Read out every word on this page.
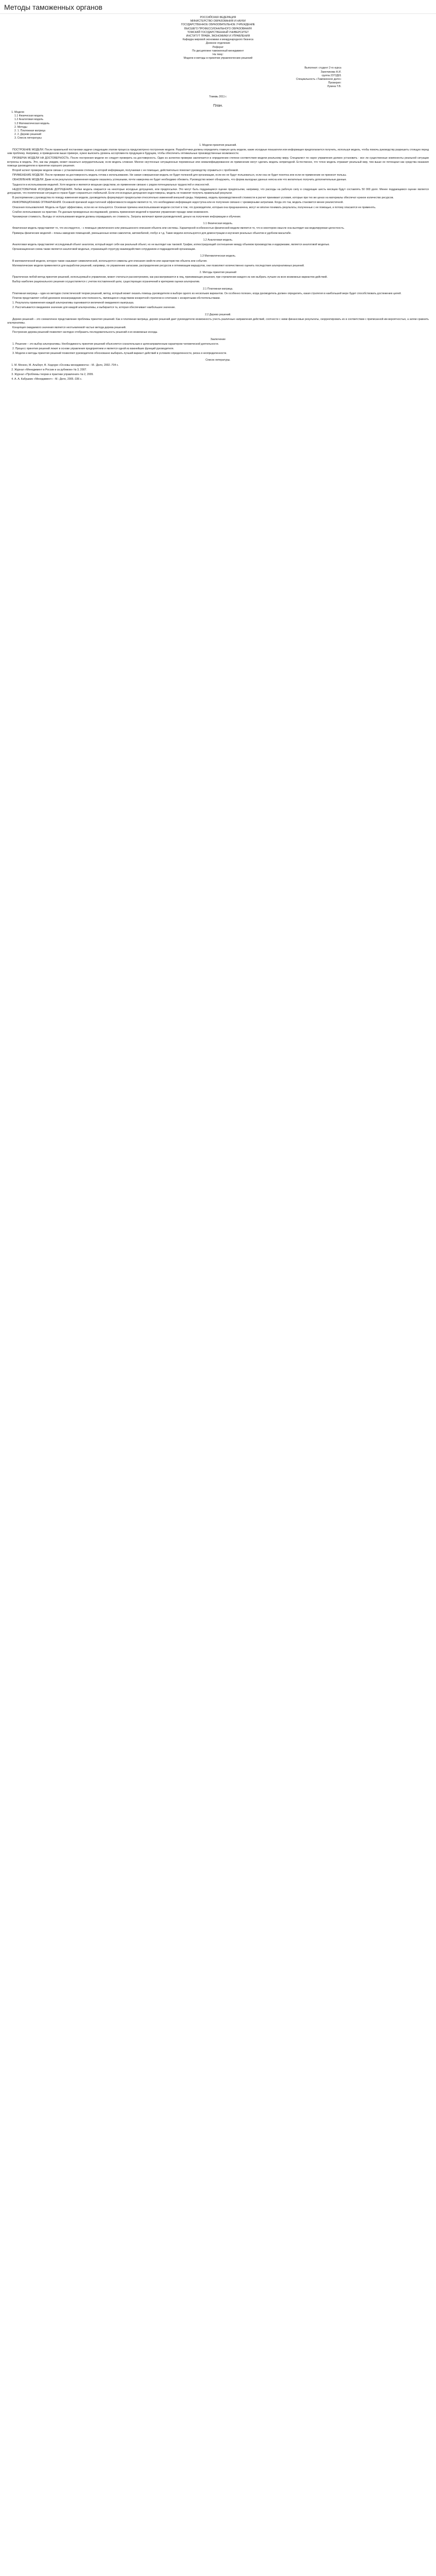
Методы таможенных органов

РОССИЙСКАЯ ФЕДЕРАЦИЯ

МИНИСТЕРСТВО ОБРАЗОВАНИЯ И НАУКИ

ГОСУДАРСТВЕННОЕ ОБРАЗОВАТЕЛЬНОЕ УЧРЕЖДЕНИЕ

ВЫСШЕГО ПРОФЕССИОНАЛЬНОГО ОБРАЗОВАНИЯ

ТОМСКИЙ ГОСУДАРСТВЕННЫЙ УНИВЕРСИТЕТ

ИНСТИТУТ ПРАВА, ЭКОНОМИКИ И УПРАВЛЕНИЯ

Кафедра мировой экономики и международного бизнеса

Дневное отделение

Реферат

По дисциплине таможенный менеджмент

На тему:

Модели и методы в принятии управленческих решений

Выполнил: студент 2-го курса

Заинчикова Н.И.

группа 2372Д01

Специальность «Таможенное дело»

Проверил:

Лукина Т.В.

Томкмь 2011 г.
План.
1. Модели
1.1 Физическая модель
1.2 Аналоговая модель
1.3 Математическая модель
2. Методы
2. 1. Платежная матрица
2. 2. Дерево решений
3. Список литературы
1. Модели принятия решений.

ПОСТРОЕНИЕ МОДЕЛИ. После правильной постановки задачи следующим этапом процесса предусмотрено построение модели. Разработчики должны определить главную цель модели, какие исходные показатели или информация предполагается получить, используя модель, чтобы помочь руководству разрешить стоящую перед ним проблему. Например, в приведенном выше примере, нужно выяснить уровень ассортимента продукции в будущем, чтобы обеспечить оптимальные производственные возможности.

ПРОВЕРКА МОДЕЛИ НА ДОСТОВЕРНОСТЬ. После построения модели ее следует проверить на достоверность. Один из аспектов проверки заключается в определении степени соответствия модели реальному миру. Специалист по науке управления должен установить - все ли существенные компоненты реальной ситуации встроены в модель. Это, как мы увидим, может оказаться затруднительным, если модель сложная. Многие неучтенные ситуационные переменные или неквалифицированное их применение могут сделать модель непригодной. Естественно, что точно модель отражает реальный мир, тем выше ее потенциал как средства оказания помощи руководителю в принятии хорошего решения.

Второй аспект проверки модели связан с установлением степени, в которой информация, получаемая с ее помощью, действительно помогает руководству справиться с проблемой.

ПРИМЕНЕНИЕ МОДЕЛИ. После проверки на достоверность модель готова к использованию. Ни самая совершенная модель не будет полезной для организации, если ею не будут пользоваться, если она не будет понятна или если ее применение не принесет пользы.

ОБНОВЛЕНИЕ МОДЕЛИ. Даже если результаты применения модели оказались успешными, почти наверняка ее будет необходимо обновить. Руководство может обнаружить, что форма выходных данных неясна или что желательно получить дополнительные данные.

Трудности в использовании моделей. Хотя модели и являются мощным средством, их применение связано с рядом потенциальных трудностей и опасностей.

НЕДОСТОВЕРНЫЕ ИСХОДНЫЕ ДОПУЩЕНИЯ. Любая модель опирается на некоторые исходные допущения, или предпосылки. Это могут быть поддающиеся оценке предпосылки, например, что расходы на рабочую силу в следующие шесть месяцев будут составлять 50 000 долл. Менее поддающимся оценке является допущение, что политическая ситуация в стране будет сохраняться стабильной. Если эти исходные допущения недостоверны, модель не позволит получить правильный результат.

В распоряжении у руководства по поводу изменения модели, руководитель формулирует предпосылки относительно изменений внешней среды. Например, модель производственной стоимости в расчет принимает условия, которые при тех же ценах на материалы обеспечат нужное количество ресурсов.

ИНФОРМАЦИОННЫЕ ОГРАНИЧЕНИЯ. Основной причиной недостаточной эффективности модели является то, что необходимая информация недоступна или ее получение связано с чрезмерными затратами. Когда это так, модель становится менее реалистичной.

Опасения пользователей. Модель не будет эффективна, если ею не пользуются. Основная причина неиспользования модели состоит в том, что руководители, которым она предназначена, могут не вполне понимать результаты, полученные с ее помощью, и потому опасаются ее применять.

Слабое использование на практике. По данным проведенных исследований, уровень применения моделей в практике управления гораздо ниже возможного.

Чрезмерная стоимость. Выгоды от использования модели должны оправдывать ее стоимость. Затраты включают время руководителей, деньги на получение информации и обучение.

1.1 Физическая модель.

Физическая модель представляет то, что исследуется, - с помощью увеличенного или уменьшенного описания объекта или системы. Характерной особенностью физической модели является то, что в некотором смысле она выглядит как моделируемая целостность.

Примеры физических моделей – планы заводских помещений, уменьшенные копии самолетов, автомобилей, глобус и т.д. Такие модели используются для демонстрации и изучения реальных объектов в удобном масштабе.

1.2 Аналоговая модель.

Аналоговая модель представляет исследуемый объект аналогом, который ведет себя как реальный объект, но не выглядит как таковой. График, иллюстрирующий соотношение между объемом производства и издержками, является аналоговой моделью.

Организационная схема также является аналоговой моделью, отражающей структуру взаимодействия сотрудников и подразделений организации.

1.3 Математическая модель.

В математической модели, которую также называют символической, используются символы для описания свойств или характеристик объекта или события.

Математические модели применяются для выработки решений, например, по управлению запасами, распределению ресурсов и оптимизации маршрутов, они позволяют количественно оценить последствия альтернативных решений.

2. Методы принятия решений

Практически любой метод принятия решений, используемый в управлении, может считаться рассмотрением, как рассматриваются в лиц, принимающих решения, при стремлении каждого из них выбрать лучшее из всех возможных вариантов действий.

Выбор наиболее рационального решения осуществляется с учетом поставленной цели, существующих ограничений и критериев оценки альтернатив.

2.1 Платежная матрица.

Платежная матрица – один из методов статистической теории решений, метод, который может оказать помощь руководителю в выборе одного из нескольких вариантов. Он особенно полезен, когда руководитель должен определить, какая стратегия в наибольшей мере будет способствовать достижению целей.

Платеж представляет собой денежное вознаграждение или полезность, являющиеся следствием конкретной стратегии в сочетании с конкретными обстоятельствами.

1. Результаты применения каждой альтернативы оцениваются величиной ожидаемого выигрыша.

2. Рассчитывается ожидаемое значение для каждой альтернативы, и выбирается та, которая обеспечивает наибольшее значение.

2.2 Дерево решений.

Дерево решений – это схематичное представление проблемы принятия решений. Как и платежная матрица, дерево решений дает руководителю возможность учесть различные направления действий, соотнести с ними финансовые результаты, скорректировать их в соответствии с приписанной им вероятностью, а затем сравнить альтернативы.

Концепция ожидаемого значения является неотъемлемой частью метода дерева решений.

Построение дерева решений позволяет наглядно отобразить последовательность решений и их возможные исходы.

Заключение

1. Решение – это выбор альтернативы. Необходимость принятия решений объясняется сознательным и целенаправленным характером человеческой деятельности.

2. Процесс принятия решений лежит в основе управления предприятием и является одной из важнейших функций руководителя.

3. Модели и методы принятия решений позволяют руководителю обоснованно выбирать лучший вариант действий в условиях определенности, риска и неопределенности.

Список литературы.
1. М. Мескон, М. Альберт, Ф. Хедоури «Основы менеджмента» - М.: Дело, 2002.-704 с.
2. Журнал «Менеджмент в России и за рубежом» № 3, 2007.
3. Журнал «Проблемы теории и практики управления» № 2, 2009.
4. А. А. Кабушкин «Менеджмент» - М.: Дело, 2005.-336 с.
